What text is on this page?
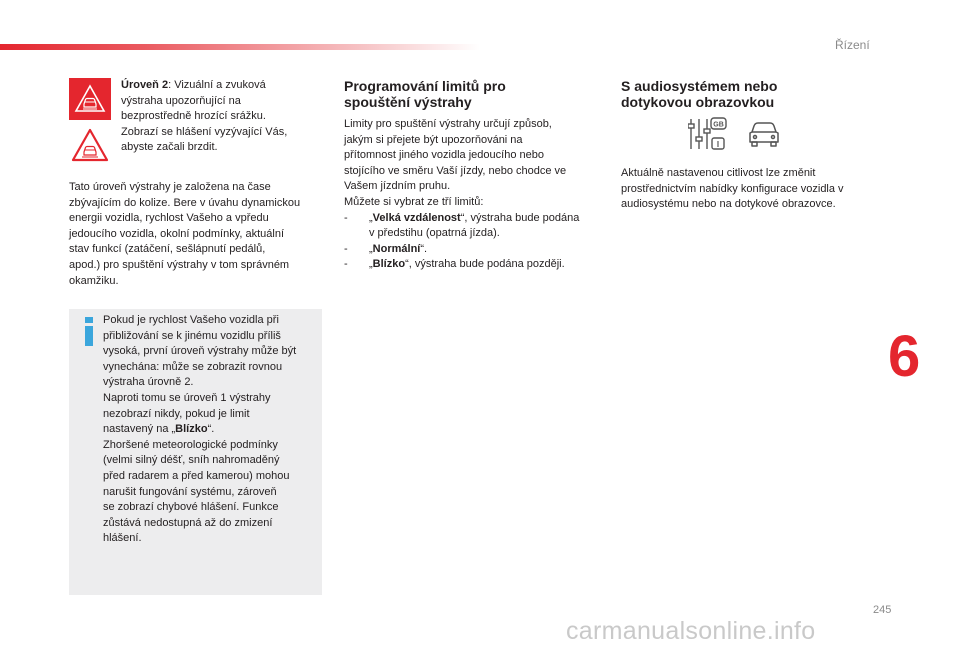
Řízení
6
245
carmanualsonline.info
Úroveň 2: Vizuální a zvuková
výstraha upozorňující na
bezprostředně hrozící srážku.
Zobrazí se hlášení vyzývající Vás,
abyste začali brzdit.
Tato úroveň výstrahy je založena na čase
zbývajícím do kolize. Bere v úvahu dynamickou
energii vozidla, rychlost Vašeho a vpředu
jedoucího vozidla, okolní podmínky, aktuální
stav funkcí (zatáčení, sešlápnutí pedálů,
apod.) pro spuštění výstrahy v tom správném
okamžiku.
Pokud je rychlost Vašeho vozidla při
přibližování se k jinému vozidlu příliš
vysoká, první úroveň výstrahy může být
vynechána: může se zobrazit rovnou
výstraha úrovně 2.
Naproti tomu se úroveň 1 výstrahy
nezobrazí nikdy, pokud je limit
nastavený na „Blízko“.
Zhoršené meteorologické podmínky
(velmi silný déšť, sníh nahromaděný
před radarem a před kamerou) mohou
narušit fungování systému, zároveň
se zobrazí chybové hlášení. Funkce
zůstává nedostupná až do zmizení
hlášení.
Programování limitů pro
spouštění výstrahy
Limity pro spuštění výstrahy určují způsob,
jakým si přejete být upozorňováni na
přítomnost jiného vozidla jedoucího nebo
stojícího ve směru Vaší jízdy, nebo chodce ve
Vašem jízdním pruhu.
Můžete si vybrat ze tří limitů:
- „Velká vzdálenost“, výstraha bude podána
v předstihu (opatrná jízda).
- „Normální“.
- „Blízko“, výstraha bude podána později.
S audiosystémem nebo
dotykovou obrazovkou
GB
I
Aktuálně nastavenou citlivost lze změnit
prostřednictvím nabídky konfigurace vozidla v
audiosystému nebo na dotykové obrazovce.
